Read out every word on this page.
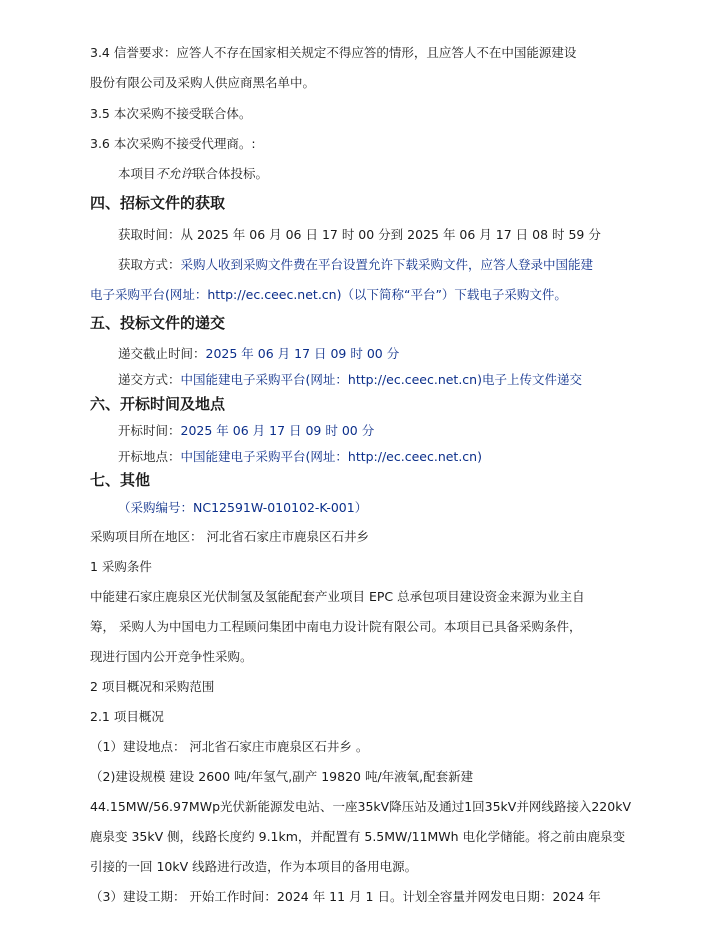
3.4 信誉要求：应答人不存在国家相关规定不得应答的情形，且应答人不在中国能源建设
股份有限公司及采购人供应商黑名单中。
3.5 本次采购不接受联合体。
3.6 本次采购不接受代理商。:
本项目不允许联合体投标。
四、招标文件的获取
获取时间：从 2025 年 06 月 06 日 17 时 00 分到 2025 年 06 月 17 日 08 时 59 分
获取方式：采购人收到采购文件费在平台设置允许下载采购文件，应答人登录中国能建
电子采购平台(网址：http://ec.ceec.net.cn)（以下简称“平台”）下载电子采购文件。
五、投标文件的递交
递交截止时间：2025 年 06 月 17 日 09 时 00 分
递交方式：中国能建电子采购平台(网址：http://ec.ceec.net.cn)电子上传文件递交
六、开标时间及地点
开标时间：2025 年 06 月 17 日 09 时 00 分
开标地点：中国能建电子采购平台(网址：http://ec.ceec.net.cn)
七、其他
（采购编号：NC12591W-010102-K-001）
采购项目所在地区： 河北省石家庄市鹿泉区石井乡
1 采购条件
中能建石家庄鹿泉区光伏制氢及氢能配套产业项目 EPC 总承包项目建设资金来源为业主自
筹， 采购人为中国电力工程顾问集团中南电力设计院有限公司。本项目已具备采购条件，
现进行国内公开竞争性采购。
2 项目概况和采购范围
2.1 项目概况
（1）建设地点： 河北省石家庄市鹿泉区石井乡 。
（2)建设规模 建设 2600 吨/年氢气,副产 19820 吨/年液氧,配套新建
44.15MW/56.97MWp光伏新能源发电站、一座35kV降压站及通过1回35kV并网线路接入220kV
鹿泉变 35kV 侧，线路长度约 9.1km，并配置有 5.5MW/11MWh 电化学储能。将之前由鹿泉变
引接的一回 10kV 线路进行改造，作为本项目的备用电源。
（3）建设工期： 开始工作时间：2024 年 11 月 1 日。计划全容量并网发电日期：2024 年
